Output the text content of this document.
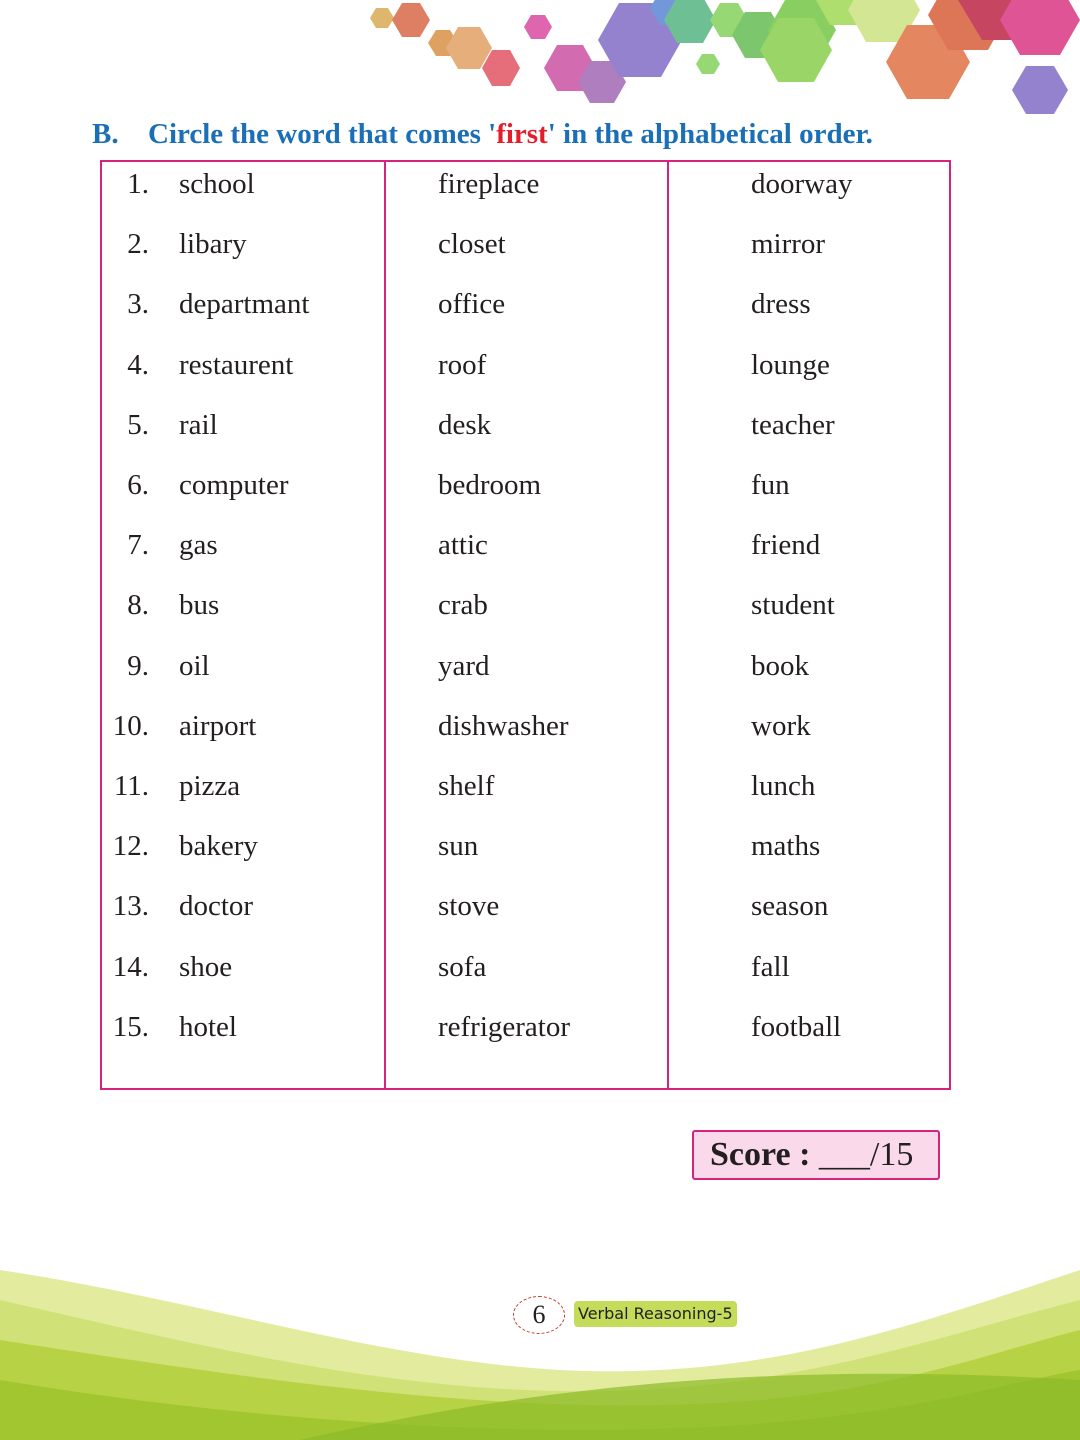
B. Circle the word that comes 'first' in the alphabetical order.
1. school	fireplace	doorway
2. libary	closet	mirror
3. departmant	office	dress
4. restaurent	roof	lounge
5. rail	desk	teacher
6. computer	bedroom	fun
7. gas	attic	friend
8. bus	crab	student
9. oil	yard	book
10. airport	dishwasher	work
11. pizza	shelf	lunch
12. bakery	sun	maths
13. doctor	stove	season
14. shoe	sofa	fall
15. hotel	refrigerator	football
Score : ___/15
6	Verbal Reasoning-5
